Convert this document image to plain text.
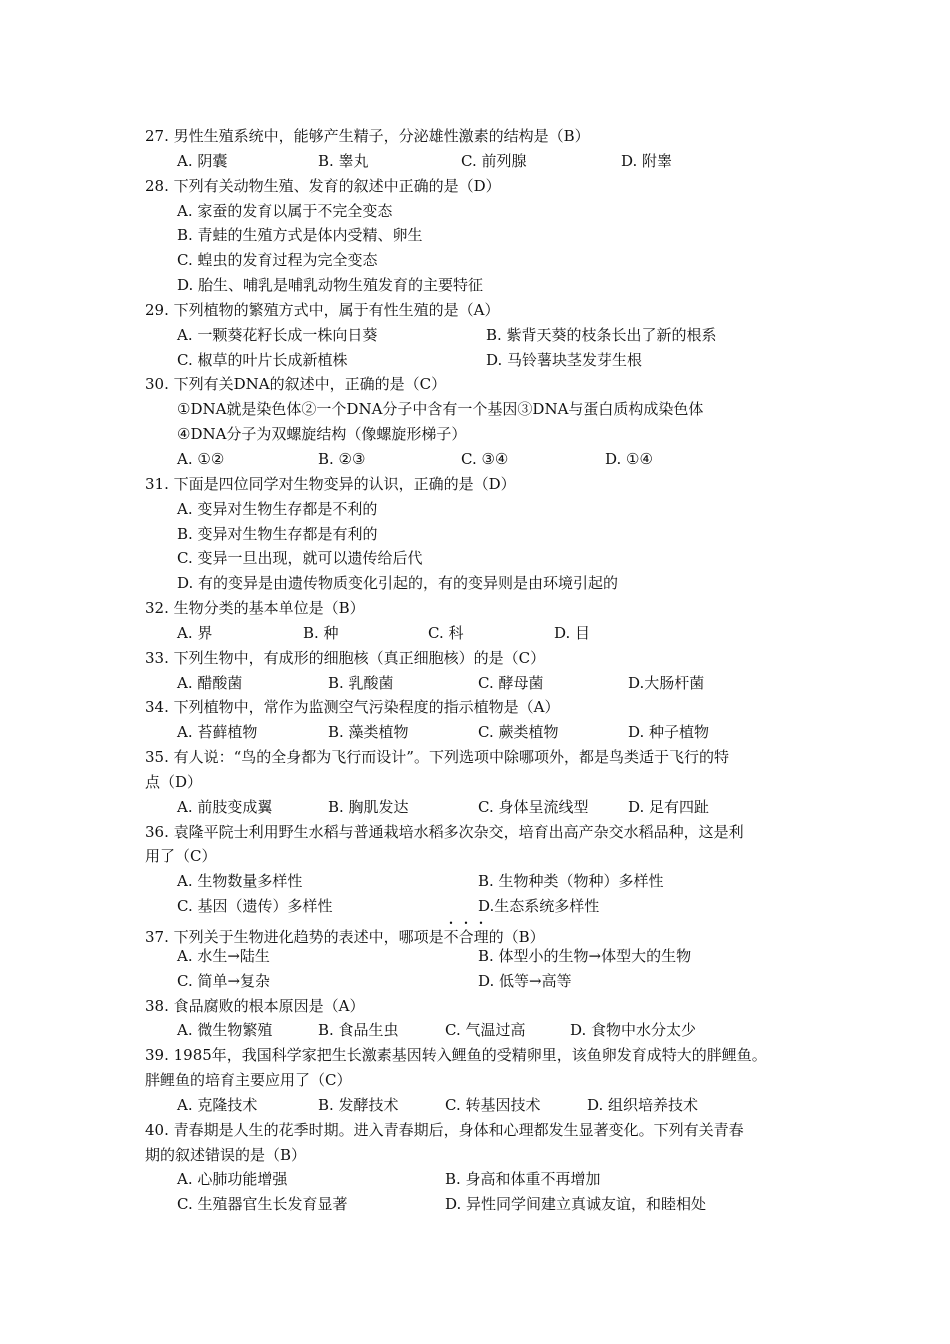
27. 男性生殖系统中，能够产生精子，分泌雄性激素的结构是（B）
A. 阴囊	B. 睾丸	C. 前列腺	D. 附睾
28. 下列有关动物生殖、发育的叙述中正确的是（D）
A. 家蚕的发育以属于不完全变态
B. 青蛙的生殖方式是体内受精、卵生
C. 蝗虫的发育过程为完全变态
D. 胎生、哺乳是哺乳动物生殖发育的主要特征
29. 下列植物的繁殖方式中，属于有性生殖的是（A）
A. 一颗葵花籽长成一株向日葵	B. 紫背天葵的枝条长出了新的根系
C. 椒草的叶片长成新植株	D. 马铃薯块茎发芽生根
30. 下列有关DNA的叙述中，正确的是（C）
①DNA就是染色体②一个DNA分子中含有一个基因③DNA与蛋白质构成染色体
④DNA分子为双螺旋结构（像螺旋形梯子）
A. ①②	B. ②③	C. ③④	D. ①④
31. 下面是四位同学对生物变异的认识，正确的是（D）
A. 变异对生物生存都是不利的
B. 变异对生物生存都是有利的
C. 变异一旦出现，就可以遗传给后代
D. 有的变异是由遗传物质变化引起的，有的变异则是由环境引起的
32. 生物分类的基本单位是（B）
A. 界	B. 种	C. 科	D. 目
33. 下列生物中，有成形的细胞核（真正细胞核）的是（C）
A. 醋酸菌	B. 乳酸菌	C. 酵母菌	D.大肠杆菌
34. 下列植物中，常作为监测空气污染程度的指示植物是（A）
A. 苔藓植物	B. 藻类植物	C. 蕨类植物	D. 种子植物
35. 有人说：“鸟的全身都为飞行而设计”。下列选项中除哪项外，都是鸟类适于飞行的特
点（D）
A. 前肢变成翼	B. 胸肌发达	C. 身体呈流线型	D. 足有四趾
36. 袁隆平院士利用野生水稻与普通栽培水稻多次杂交，培育出高产杂交水稻品种，这是利
用了（C）
A. 生物数量多样性	B. 生物种类（物种）多样性
C. 基因（遗传）多样性	D.生态系统多样性
37. 下列关于生物进化趋势的表述中，哪项是不合理的（B）
A. 水生→陆生	B. 体型小的生物→体型大的生物
C. 简单→复杂	D. 低等→高等
38. 食品腐败的根本原因是（A）
A. 微生物繁殖	B. 食品生虫	C. 气温过高	D. 食物中水分太少
39. 1985年，我国科学家把生长激素基因转入鲤鱼的受精卵里，该鱼卵发育成特大的胖鲤鱼。
胖鲤鱼的培育主要应用了（C）
A. 克隆技术	B. 发酵技术	C. 转基因技术	D. 组织培养技术
40. 青春期是人生的花季时期。进入青春期后，身体和心理都发生显著变化。下列有关青春
期的叙述错误的是（B）
A. 心肺功能增强	B. 身高和体重不再增加
C. 生殖器官生长发育显著	D. 异性同学间建立真诚友谊，和睦相处
